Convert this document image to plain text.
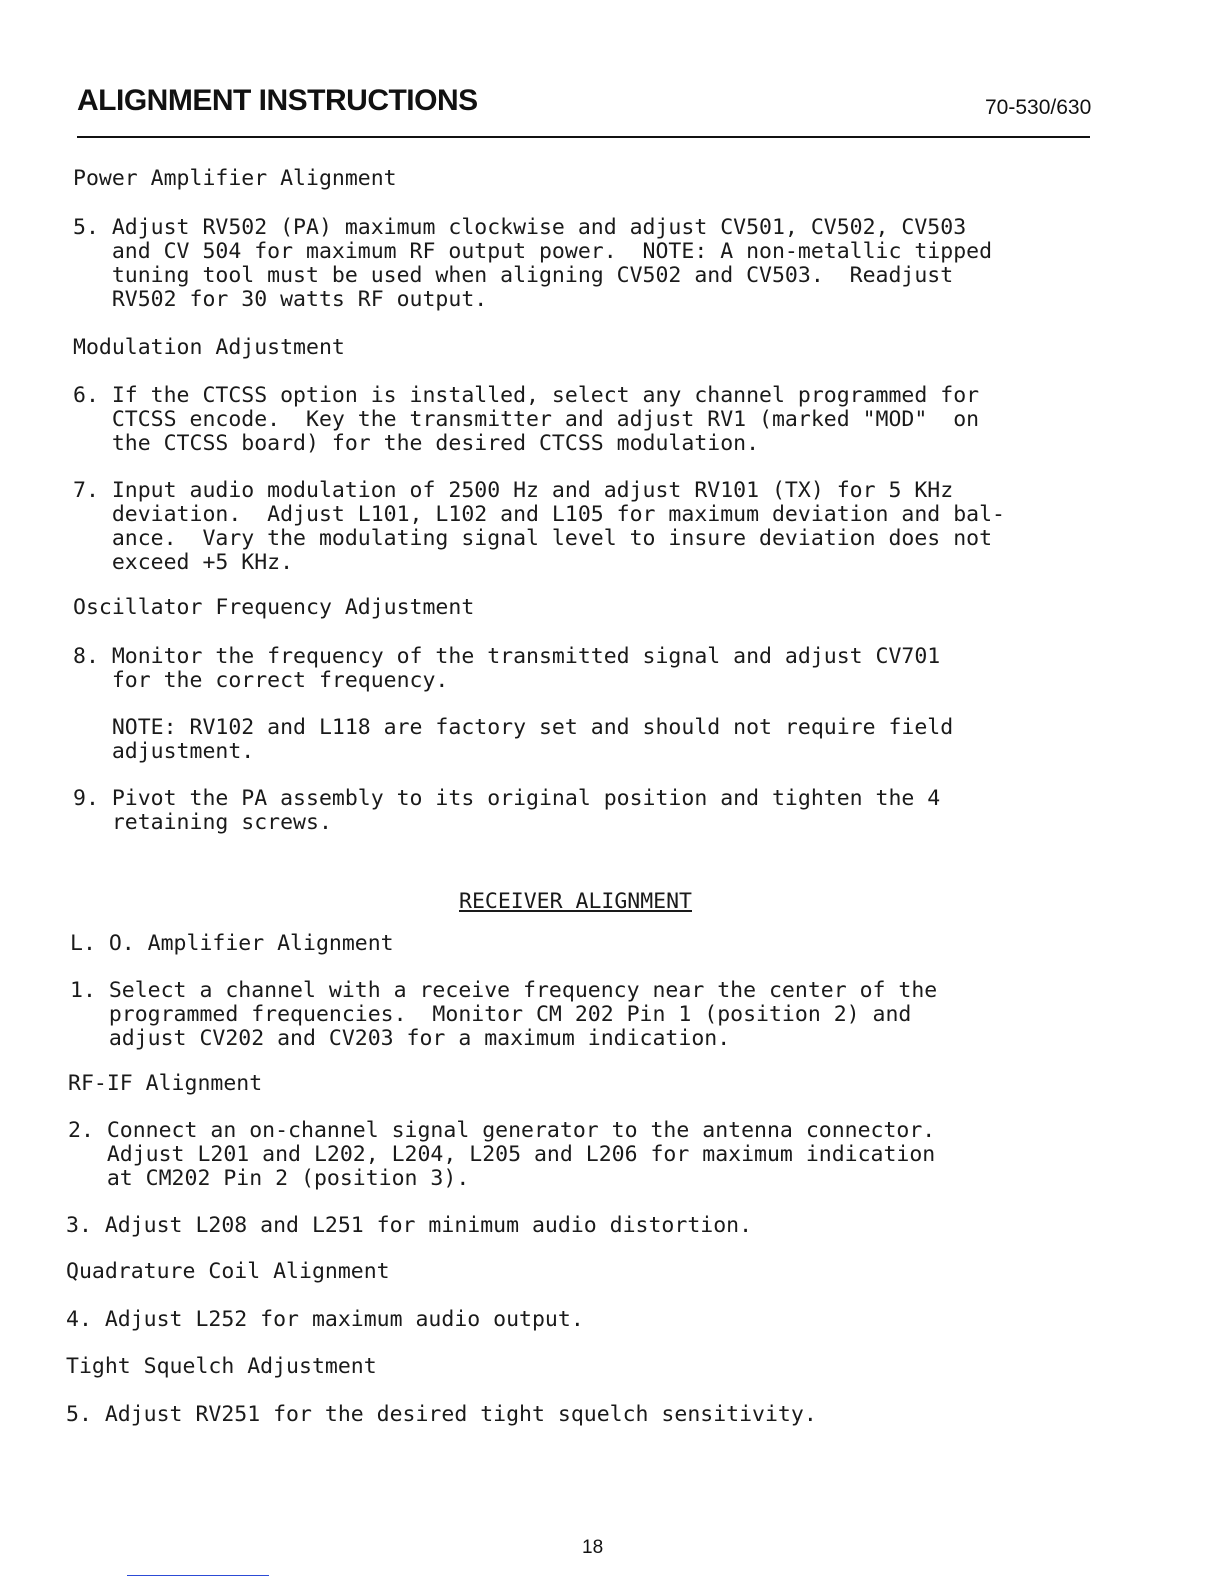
ALIGNMENT INSTRUCTIONS	70-530/630
Power Amplifier Alignment
5. Adjust RV502 (PA) maximum clockwise and adjust CV501, CV502, CV503
and CV 504 for maximum RF output power.  NOTE: A non-metallic tipped
tuning tool must be used when aligning CV502 and CV503.  Readjust
RV502 for 30 watts RF output.
Modulation Adjustment
6. If the CTCSS option is installed, select any channel programmed for
CTCSS encode.  Key the transmitter and adjust RV1 (marked "MOD"  on
the CTCSS board) for the desired CTCSS modulation.
7. Input audio modulation of 2500 Hz and adjust RV101 (TX) for 5 KHz
deviation.  Adjust L101, L102 and L105 for maximum deviation and bal-
ance.  Vary the modulating signal level to insure deviation does not
exceed +5 KHz.
Oscillator Frequency Adjustment
8. Monitor the frequency of the transmitted signal and adjust CV701
for the correct frequency.
NOTE: RV102 and L118 are factory set and should not require field
adjustment.
9. Pivot the PA assembly to its original position and tighten the 4
retaining screws.
RECEIVER ALIGNMENT
L. O. Amplifier Alignment
1. Select a channel with a receive frequency near the center of the
programmed frequencies.  Monitor CM 202 Pin 1 (position 2) and
adjust CV202 and CV203 for a maximum indication.
RF-IF Alignment
2. Connect an on-channel signal generator to the antenna connector.
Adjust L201 and L202, L204, L205 and L206 for maximum indication
at CM202 Pin 2 (position 3).
3. Adjust L208 and L251 for minimum audio distortion.
Quadrature Coil Alignment
4. Adjust L252 for maximum audio output.
Tight Squelch Adjustment
5. Adjust RV251 for the desired tight squelch sensitivity.
18
